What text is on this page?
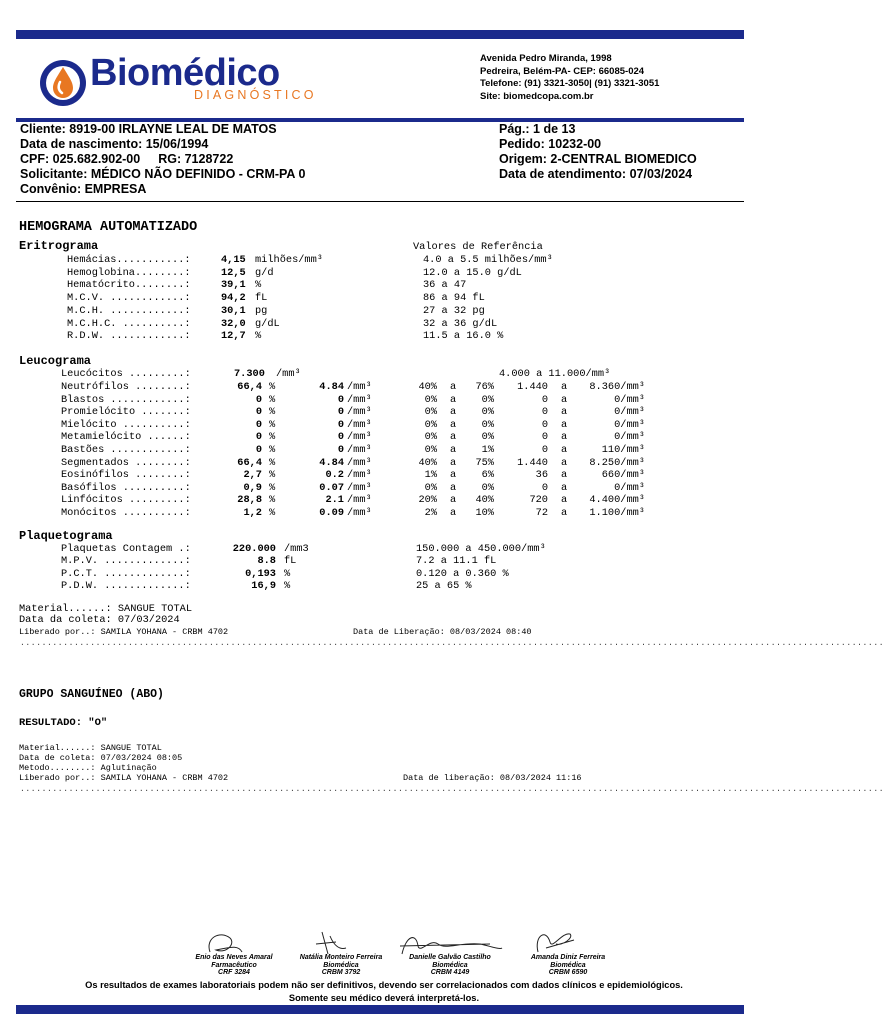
Biomédico
DIAGNÓSTICO
Avenida Pedro Miranda, 1998
Pedreira, Belém-PA- CEP: 66085-024
Telefone: (91) 3321-3050| (91) 3321-3051
Site: biomedcopa.com.br
Cliente: 8919-00 IRLAYNE LEAL DE MATOS
Data de nascimento: 15/06/1994
CPF: 025.682.902-00 RG: 7128722
Solicitante: MÉDICO NÃO DEFINIDO - CRM-PA 0
Convênio: EMPRESA
Pág.: 1 de 13
Pedido: 10232-00
Origem: 2-CENTRAL BIOMEDICO
Data de atendimento: 07/03/2024
HEMOGRAMA AUTOMATIZADO
Eritrograma	Valores de Referência
Hemácias...........:	4,15 milhões/mm³	4.0 a 5.5 milhões/mm³
Hemoglobina........:	12,5 g/d	12.0 a 15.0 g/dL
Hematócrito........:	39,1 %	36 a 47
M.C.V. ............:	94,2 fL	86 a 94 fL
M.C.H. ............:	30,1 pg	27 a 32 pg
M.C.H.C. ..........:	32,0 g/dL	32 a 36 g/dL
R.D.W. ............:	12,7 %	11.5 a 16.0 %
Leucograma
Leucócitos .........:	7.300 /mm³	4.000 a 11.000/mm³
Neutrófilos ........:	66,4 %	4.84 /mm³	40% a	76%	1.440 a	8.360/mm³
Blastos ............:	0 %	0 /mm³	0% a	0%	0 a	0/mm³
Promielócito .......:	0 %	0 /mm³	0% a	0%	0 a	0/mm³
Mielócito ..........:	0 %	0 /mm³	0% a	0%	0 a	0/mm³
Metamielócito ......:	0 %	0 /mm³	0% a	0%	0 a	0/mm³
Bastões ............:	0 %	0 /mm³	0% a	1%	0 a	110/mm³
Segmentados ........:	66,4 %	4.84 /mm³	40% a	75%	1.440 a	8.250/mm³
Eosinófilos ........:	2,7 %	0.2 /mm³	1% a	6%	36 a	660/mm³
Basófilos ..........:	0,9 %	0.07 /mm³	0% a	0%	0 a	0/mm³
Linfócitos .........:	28,8 %	2.1 /mm³	20% a	40%	720 a	4.400/mm³
Monócitos ..........:	1,2 %	0.09 /mm³	2% a	10%	72 a	1.100/mm³
Plaquetograma
Plaquetas Contagem .:	220.000 /mm3	150.000 a 450.000/mm³
M.P.V. .............:	8.8 fL	7.2 a 11.1 fL
P.C.T. .............:	0,193 %	0.120 a 0.360 %
P.D.W. .............:	16,9 %	25 a 65 %
Material......: SANGUE TOTAL
Data da coleta: 07/03/2024
Liberado por..: SAMILA YOHANA - CRBM 4702	Data de Liberação: 08/03/2024 08:40
................................................................................................................................................................
GRUPO SANGUÍNEO (ABO)
RESULTADO: "O"
Material......: SANGUE TOTAL
Data de coleta: 07/03/2024 08:05
Metodo........: Aglutinação
Liberado por..: SAMILA YOHANA - CRBM 4702	Data de liberação: 08/03/2024 11:16
................................................................................................................................................................
Enio das Neves Amaral
Farmacêutico
CRF 3284
Natália Monteiro Ferreira
Biomédica
CRBM 3792
Danielle Galvão Castilho
Biomédica
CRBM 4149
Amanda Diniz Ferreira
Biomédica
CRBM 6590
Os resultados de exames laboratoriais podem não ser definitivos, devendo ser correlacionados com dados clínicos e epidemiológicos.
Somente seu médico deverá interpretá-los.
